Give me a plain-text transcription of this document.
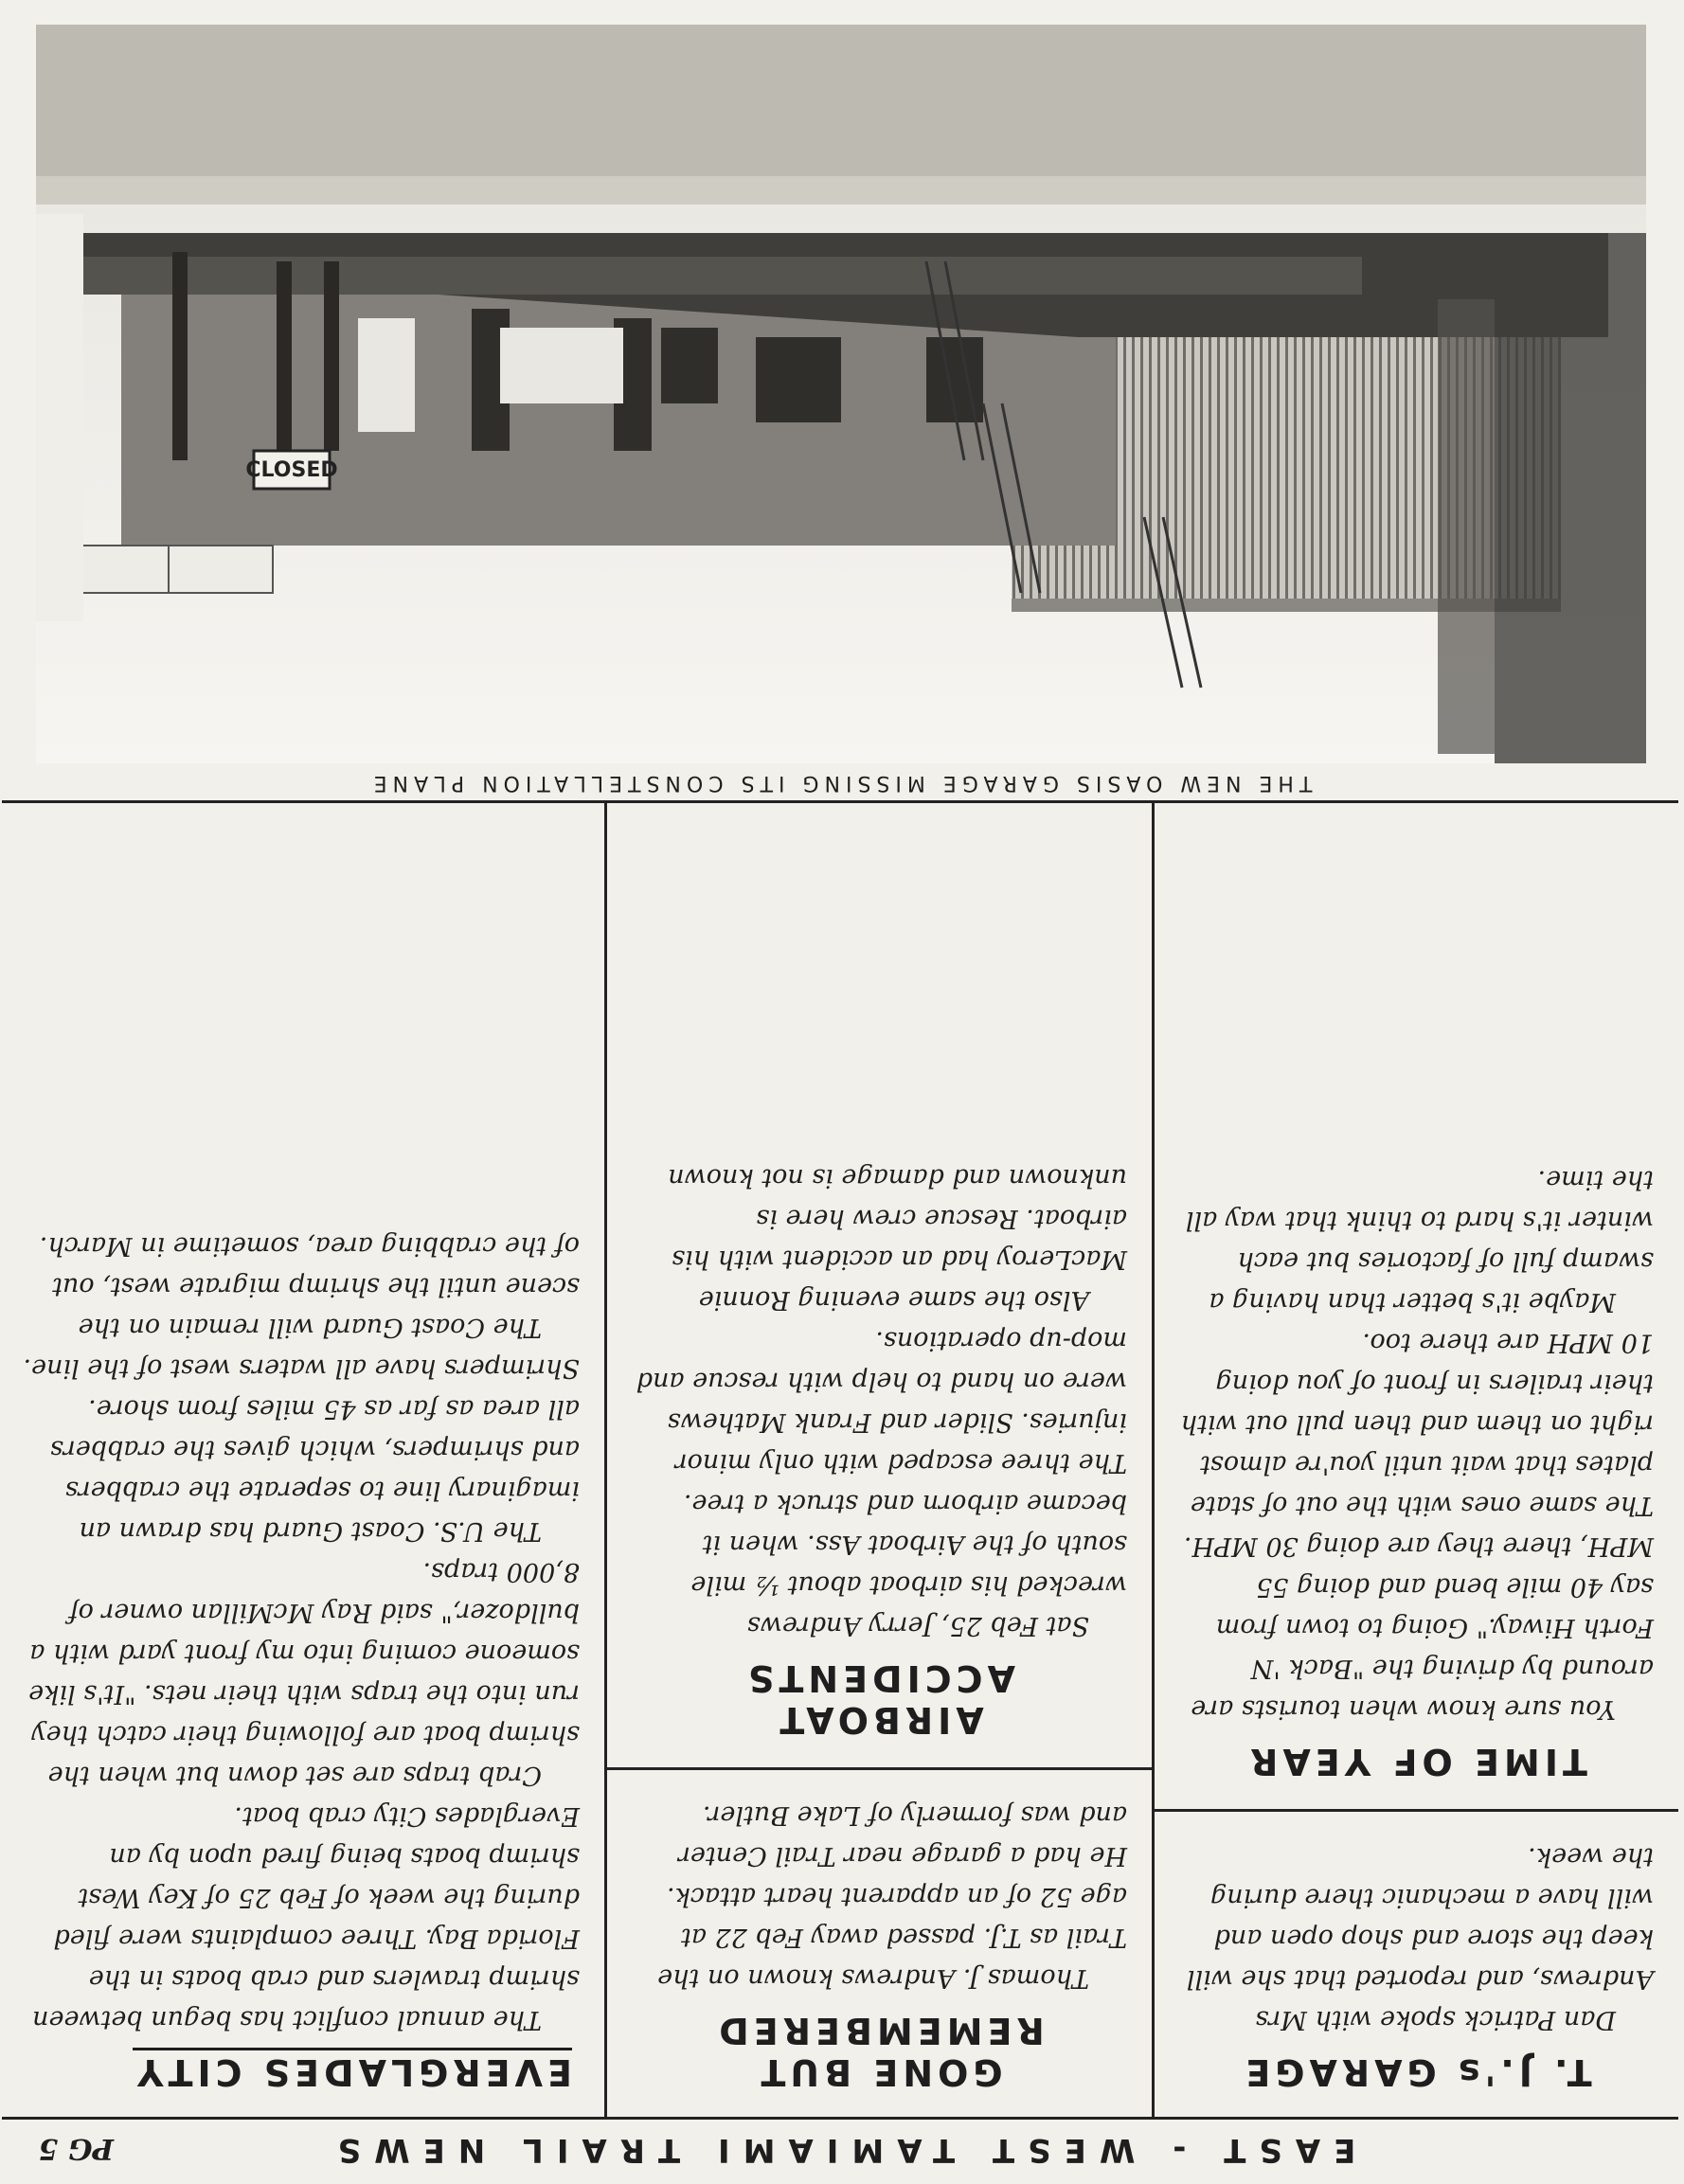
EAST - WEST TAMIAMI TRAIL NEWS
PG 5
T. J.'s GARAGE

Dan Patrick spoke with Mrs Andrews, and reported that she will keep the store and shop open and will have a mechanic there during the week.

TIME OF YEAR

You sure know when tourists are around by driving the "Back 'N Forth Hiway." Going to town from say 40 mile bend and doing 55 MPH, there they are doing 30 MPH. The same ones with the out of state plates that wait until you're almost right on them and then pull out with their trailers in front of you doing 10 MPH are there too.

Maybe it's better than having a swamp full of factories but each winter it's hard to think that way all the time.

GONE BUT REMEMBERED

Thomas J. Andrews known on the Trail as T.J. passed away Feb 22 at age 52 of an apparent heart attack. He had a garage near Trail Center and was formerly of Lake Butler.

AIRBOAT ACCIDENTS

Sat Feb 25, Jerry Andrews wrecked his airboat about ½ mile south of the Airboat Ass. when it became airborn and struck a tree. The three escaped with only minor injuries. Slider and Frank Mathews were on hand to help with rescue and mop-up operations.

Also the same evening Ronnie MacLeroy had an accident with his airboat. Rescue crew here is unknown and damage is not known

EVERGLADES CITY

The annual conflict has begun between shrimp trawlers and crab boats in the Florida Bay. Three complaints were filed during the week of Feb 25 of Key West shrimp boats being fired upon by an Everglades City crab boat.

Crab traps are set down but when the shrimp boat are following their catch they run into the traps with their nets. "It's like someone coming into my front yard with a bulldozer," said Ray McMillan owner of 8,000 traps.

The U.S. Coast Guard has drawn an imaginary line to seperate the crabbers and shrimpers, which gives the crabbers all area as far as 45 miles from shore. Shrimpers have all waters west of the line.

The Coast Guard will remain on the scene until the shrimp migrate west, out of the crabbing area, sometime in March.

THE NEW OASIS GARAGE MISSING ITS CONSTELLATION PLANE
CLOSED
